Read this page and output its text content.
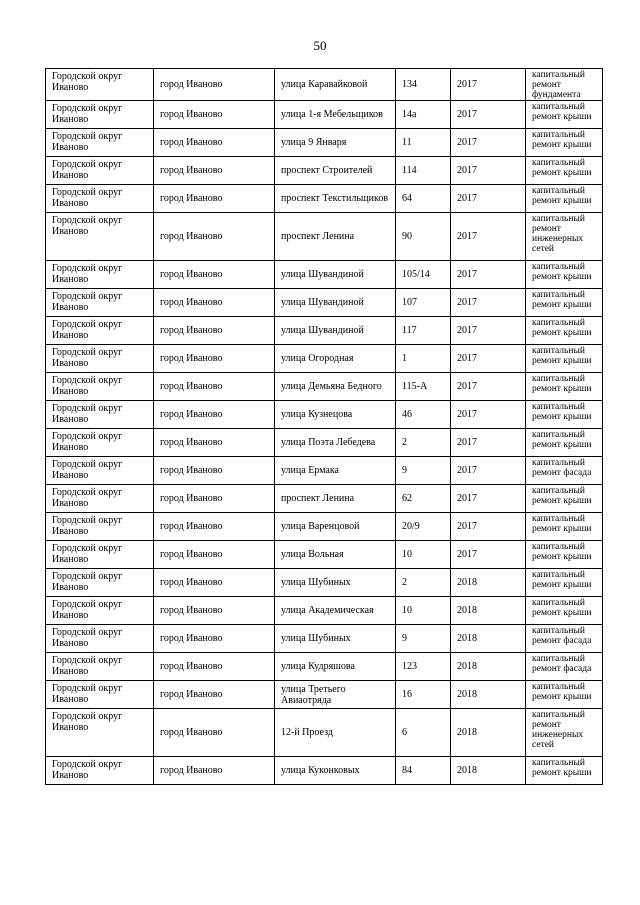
50
Городской округ Иваново	город Иваново	улица Каравайковой	134	2017	капитальный ремонт фундамента
Городской округ Иваново	город Иваново	улица 1-я Мебельщиков	14а	2017	капитальный ремонт крыши
Городской округ Иваново	город Иваново	улица 9 Января	11	2017	капитальный ремонт крыши
Городской округ Иваново	город Иваново	проспект Строителей	114	2017	капитальный ремонт крыши
Городской округ Иваново	город Иваново	проспект Текстильщиков	64	2017	капитальный ремонт крыши
Городской округ Иваново	город Иваново	проспект Ленина	90	2017	капитальный ремонт инженерных сетей
Городской округ Иваново	город Иваново	улица Шувандиной	105/14	2017	капитальный ремонт крыши
Городской округ Иваново	город Иваново	улица Шувандиной	107	2017	капитальный ремонт крыши
Городской округ Иваново	город Иваново	улица Шувандиной	117	2017	капитальный ремонт крыши
Городской округ Иваново	город Иваново	улица Огородная	1	2017	капитальный ремонт крыши
Городской округ Иваново	город Иваново	улица Демьяна Бедного	115-А	2017	капитальный ремонт крыши
Городской округ Иваново	город Иваново	улица Кузнецова	46	2017	капитальный ремонт крыши
Городской округ Иваново	город Иваново	улица Поэта Лебедева	2	2017	капитальный ремонт крыши
Городской округ Иваново	город Иваново	улица Ермака	9	2017	капитальный ремонт фасада
Городской округ Иваново	город Иваново	проспект Ленина	62	2017	капитальный ремонт крыши
Городской округ Иваново	город Иваново	улица Варенцовой	20/9	2017	капитальный ремонт крыши
Городской округ Иваново	город Иваново	улица Вольная	10	2017	капитальный ремонт крыши
Городской округ Иваново	город Иваново	улица Шубиных	2	2018	капитальный ремонт крыши
Городской округ Иваново	город Иваново	улица Академическая	10	2018	капитальный ремонт крыши
Городской округ Иваново	город Иваново	улица Шубиных	9	2018	капитальный ремонт фасада
Городской округ Иваново	город Иваново	улица Кудряшова	123	2018	капитальный ремонт фасада
Городской округ Иваново	город Иваново	улица Третьего Авиаотряда	16	2018	капитальный ремонт крыши
Городской округ Иваново	город Иваново	12-й Проезд	6	2018	капитальный ремонт инженерных сетей
Городской округ Иваново	город Иваново	улица Куконковых	84	2018	капитальный ремонт крыши
